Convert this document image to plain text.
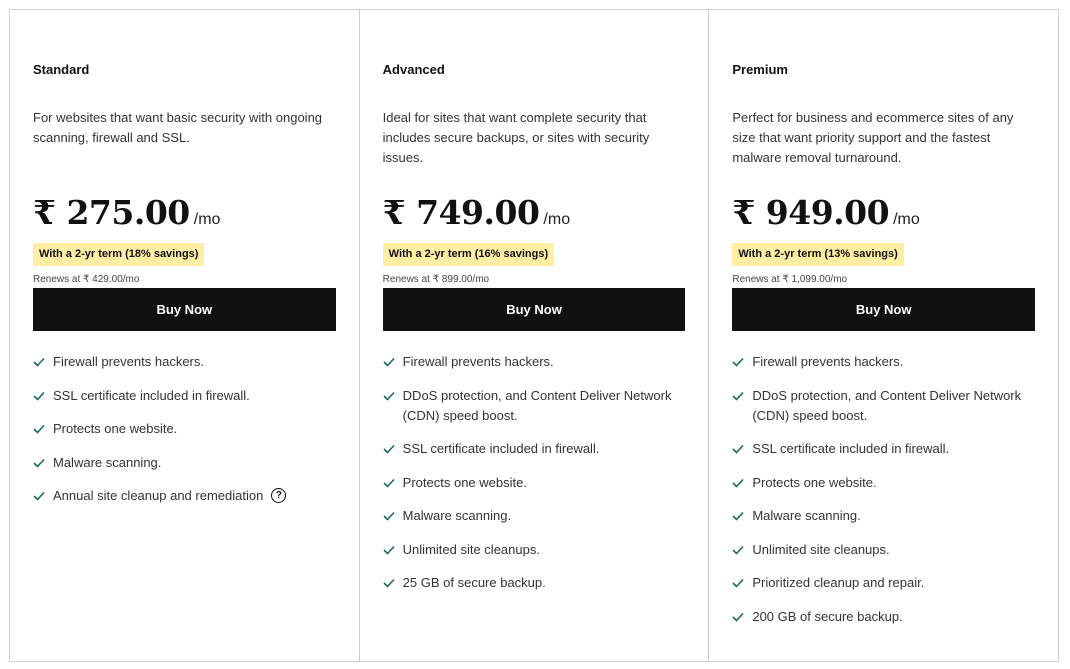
Standard
For websites that want basic security with ongoing scanning, firewall and SSL.
₹ 275.00 /mo
With a 2-yr term (18% savings)
Renews at ₹ 429.00/mo
Buy Now
Firewall prevents hackers.
SSL certificate included in firewall.
Protects one website.
Malware scanning.
Annual site cleanup and remediation ?
Advanced
Ideal for sites that want complete security that includes secure backups, or sites with security issues.
₹ 749.00 /mo
With a 2-yr term (16% savings)
Renews at ₹ 899.00/mo
Buy Now
Firewall prevents hackers.
DDoS protection, and Content Deliver Network (CDN) speed boost.
SSL certificate included in firewall.
Protects one website.
Malware scanning.
Unlimited site cleanups.
25 GB of secure backup.
Premium
Perfect for business and ecommerce sites of any size that want priority support and the fastest malware removal turnaround.
₹ 949.00 /mo
With a 2-yr term (13% savings)
Renews at ₹ 1,099.00/mo
Buy Now
Firewall prevents hackers.
DDoS protection, and Content Deliver Network (CDN) speed boost.
SSL certificate included in firewall.
Protects one website.
Malware scanning.
Unlimited site cleanups.
Prioritized cleanup and repair.
200 GB of secure backup.
